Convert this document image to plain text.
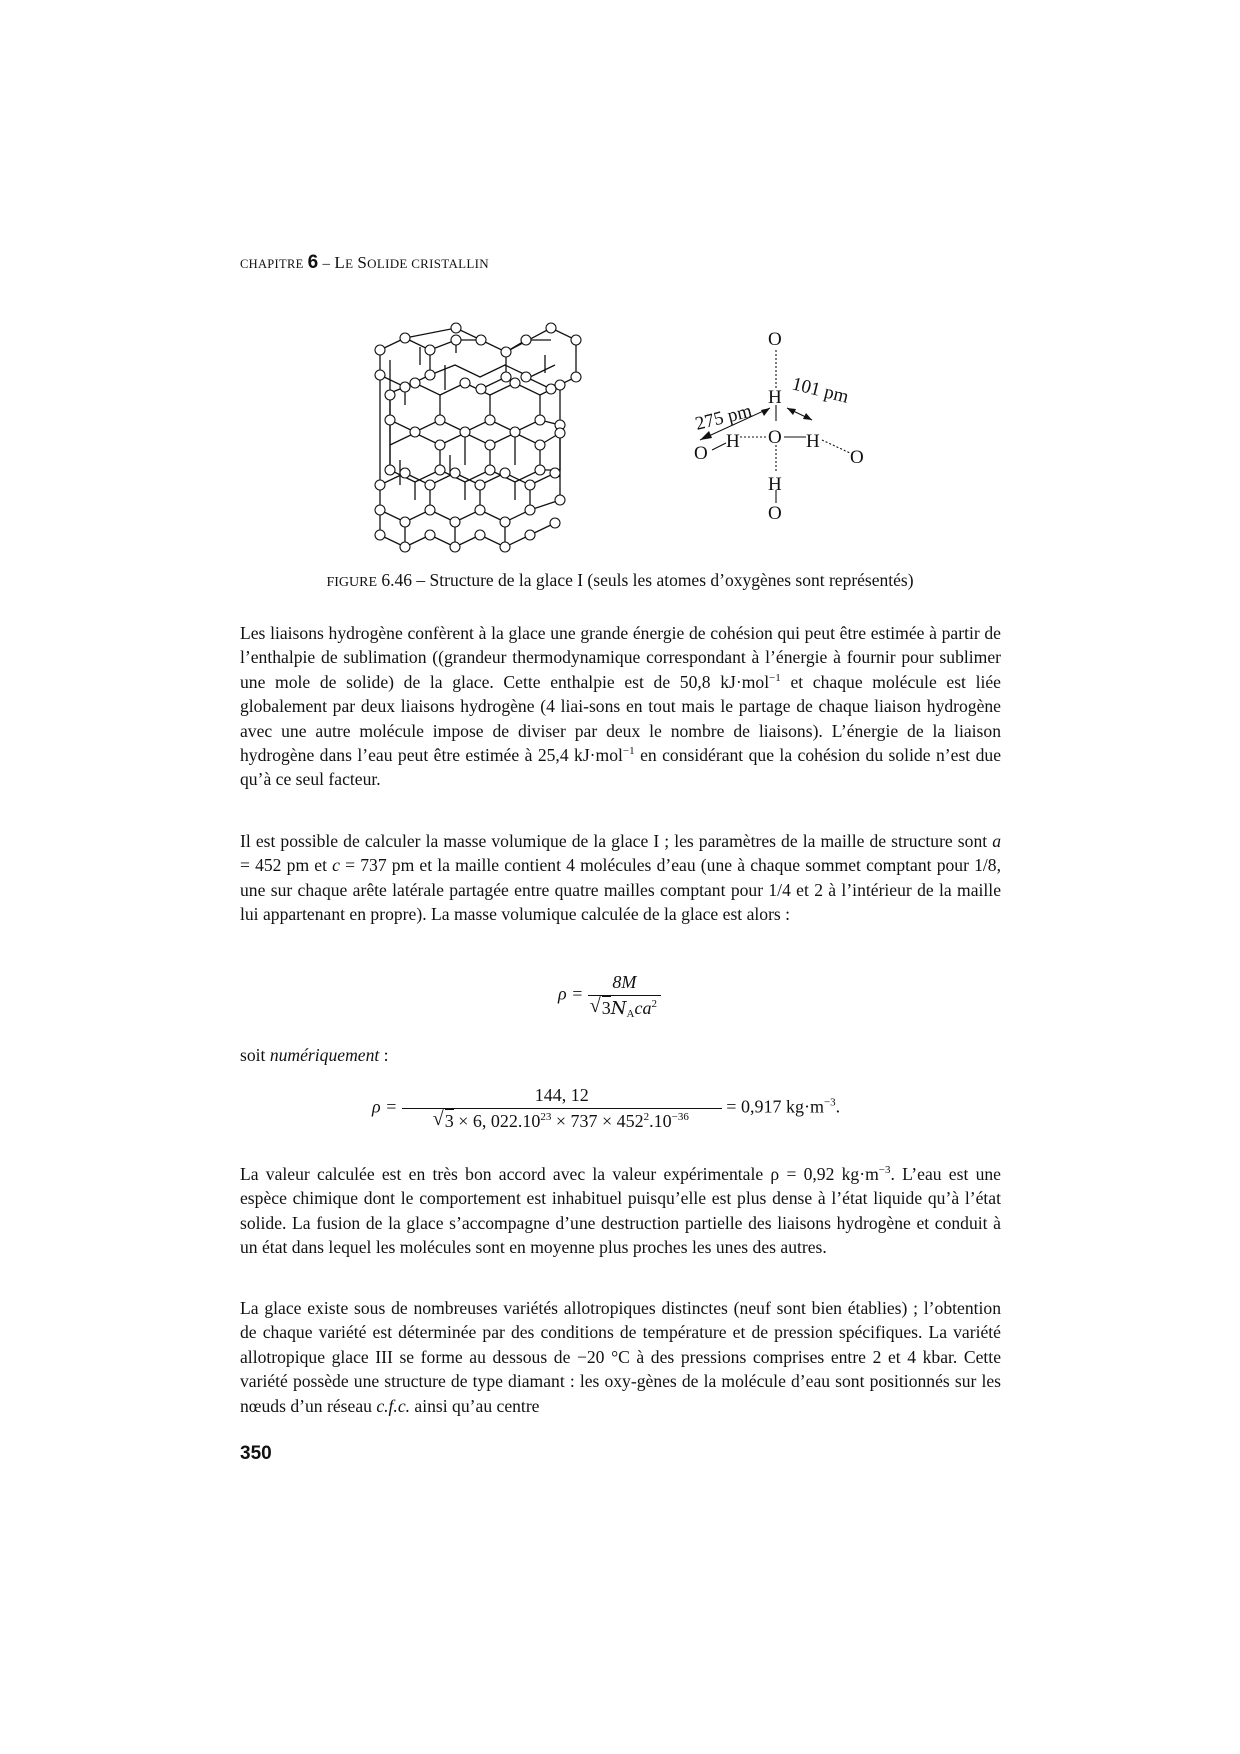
CHAPITRE 6 – LE SOLIDE CRISTALLIN
O
H
O
H
O
H
O
H
O
275 pm
101 pm
FIGURE 6.46 – Structure de la glace I (seuls les atomes d’oxygènes sont représentés)

Les liaisons hydrogène confèrent à la glace une grande énergie de cohésion qui peut être estimée à partir de l’enthalpie de sublimation ((grandeur thermodynamique correspondant à l’énergie à fournir pour sublimer une mole de solide) de la glace. Cette enthalpie est de 50,8 kJ·mol$^{-1}$ et chaque molécule est liée globalement par deux liaisons hydrogène (4 liai-sons en tout mais le partage de chaque liaison hydrogène avec une autre molécule impose de diviser par deux le nombre de liaisons). L’énergie de la liaison hydrogène dans l’eau peut être estimée à 25,4 kJ·mol$^{-1}$ en considérant que la cohésion du solide n’est due qu’à ce seul facteur.

Il est possible de calculer la masse volumique de la glace I ; les paramètres de la maille de structure sont a = 452 pm et c = 737 pm et la maille contient 4 molécules d’eau (une à chaque sommet comptant pour 1/8, une sur chaque arête latérale partagée entre quatre mailles comptant pour 1/4 et 2 à l’intérieur de la maille lui appartenant en propre). La masse volumique calculée de la glace est alors :

ρ = 8M
√ $3N_Aca^2$

soit numériquement :

ρ = 144, 12
√ 3 × 6, $022.10^{23} \times 737 \times 452^2.10^{-36} = 0,917$ $kg\cdot m^{-3}$.

La valeur calculée est en très bon accord avec la valeur expérimentale ρ = 0,92 $kg\cdot m^{-3}$. L’eau est une espèce chimique dont le comportement est inhabituel puisqu’elle est plus dense à l’état liquide qu’à l’état solide. La fusion de la glace s’accompagne d’une destruction partielle des liaisons hydrogène et conduit à un état dans lequel les molécules sont en moyenne plus proches les unes des autres.

La glace existe sous de nombreuses variétés allotropiques distinctes (neuf sont bien établies) ; l’obtention de chaque variété est déterminée par des conditions de température et de pression spécifiques. La variété allotropique glace III se forme au dessous de −20 °C à des pressions comprises entre 2 et 4 kbar. Cette variété possède une structure de type diamant : les oxy-gènes de la molécule d’eau sont positionnés sur les nœuds d’un réseau c.f.c. ainsi qu’au centre

350
